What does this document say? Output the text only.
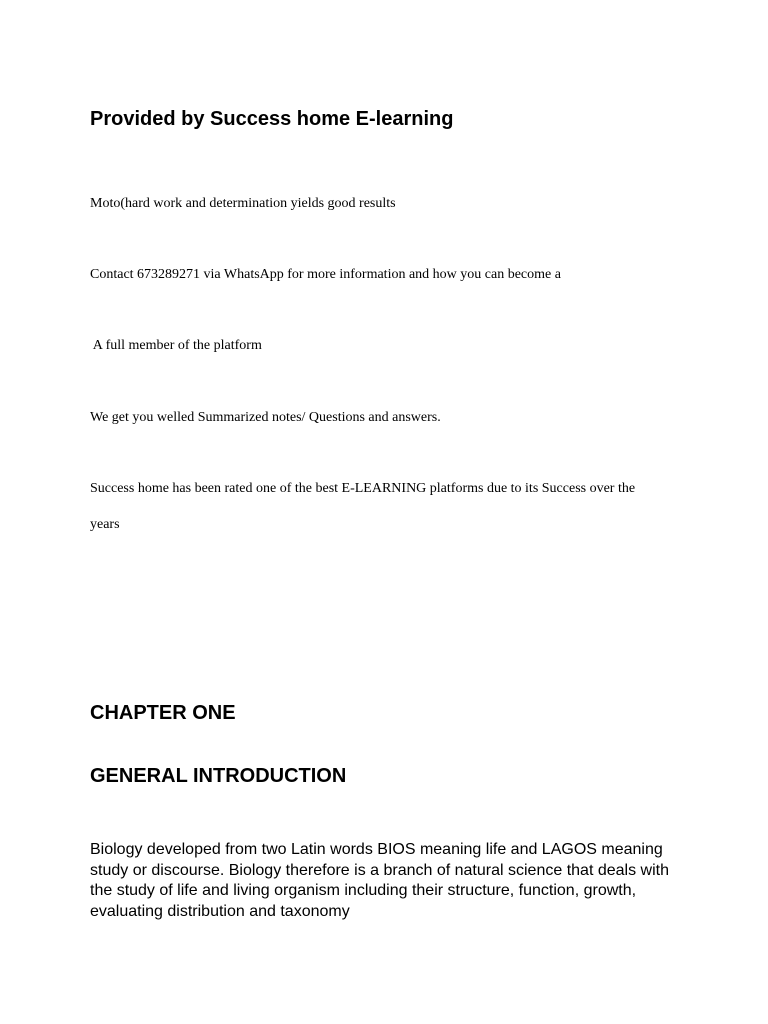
Provided by Success home E-learning

Moto(hard work and determination yields good results

Contact 673289271 via WhatsApp for more information and how you can become a

A full member of the platform

We get you welled Summarized notes/ Questions and answers.

Success home has been rated one of the best E-LEARNING platforms due to its Success over the

years

CHAPTER ONE
GENERAL INTRODUCTION

Biology developed from two Latin words BIOS meaning life and LAGOS meaning study or discourse. Biology therefore is a branch of natural science that deals with the study of life and living organism including their structure, function, growth, evaluating distribution and taxonomy
